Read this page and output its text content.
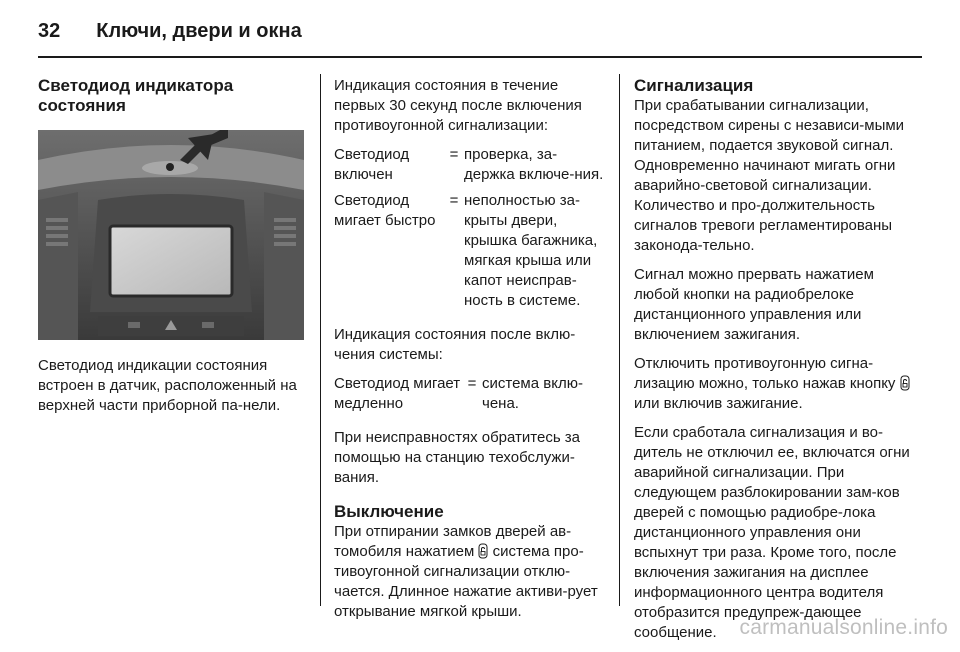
32 Ключи, двери и окна
Светодиод индикатора состояния

Светодиод индикации состояния встроен в датчик, расположенный на верхней части приборной па-нели.

Индикация состояния в течение первых 30 секунд после включения противоугонной сигнализации:

Светодиод включен
= проверка, за-держка включе-ния.
Светодиод мигает быстро
= неполностью за-крыты двери, крышка багажника, мягкая крыша или капот неисправ-ность в системе.

Индикация состояния после вклю-чения системы:

Светодиод мигает медленно
= система вклю-чена.

При неисправностях обратитесь за помощью на станцию техобслужи-вания.

Выключение

При отпирании замков дверей ав-томобиля нажатием  система про-тивоугонной сигнализации отклю-чается. Длинное нажатие активи-рует открывание мягкой крыши.

Сигнализация

При срабатывании сигнализации, посредством сирены с независи-мыми питанием, подается звуковой сигнал. Одновременно начинают мигать огни аварийно-световой сигнализации. Количество и про-должительность сигналов тревоги регламентированы законода-тельно.

Сигнал можно прервать нажатием любой кнопки на радиобрелоке дистанционного управления или включением зажигания.

Отключить противоугонную сигна-лизацию можно, только нажав кнопку  или включив зажигание.

Если сработала сигнализация и во-дитель не отключил ее, включатся огни аварийной сигнализации. При следующем разблокировании зам-ков дверей с помощью радиобре-лока дистанционного управления они вспыхнут три раза. Кроме того, после включения зажигания на дисплее информационного центра водителя отобразится предупреж-дающее сообщение.	carmanualsonline.info
